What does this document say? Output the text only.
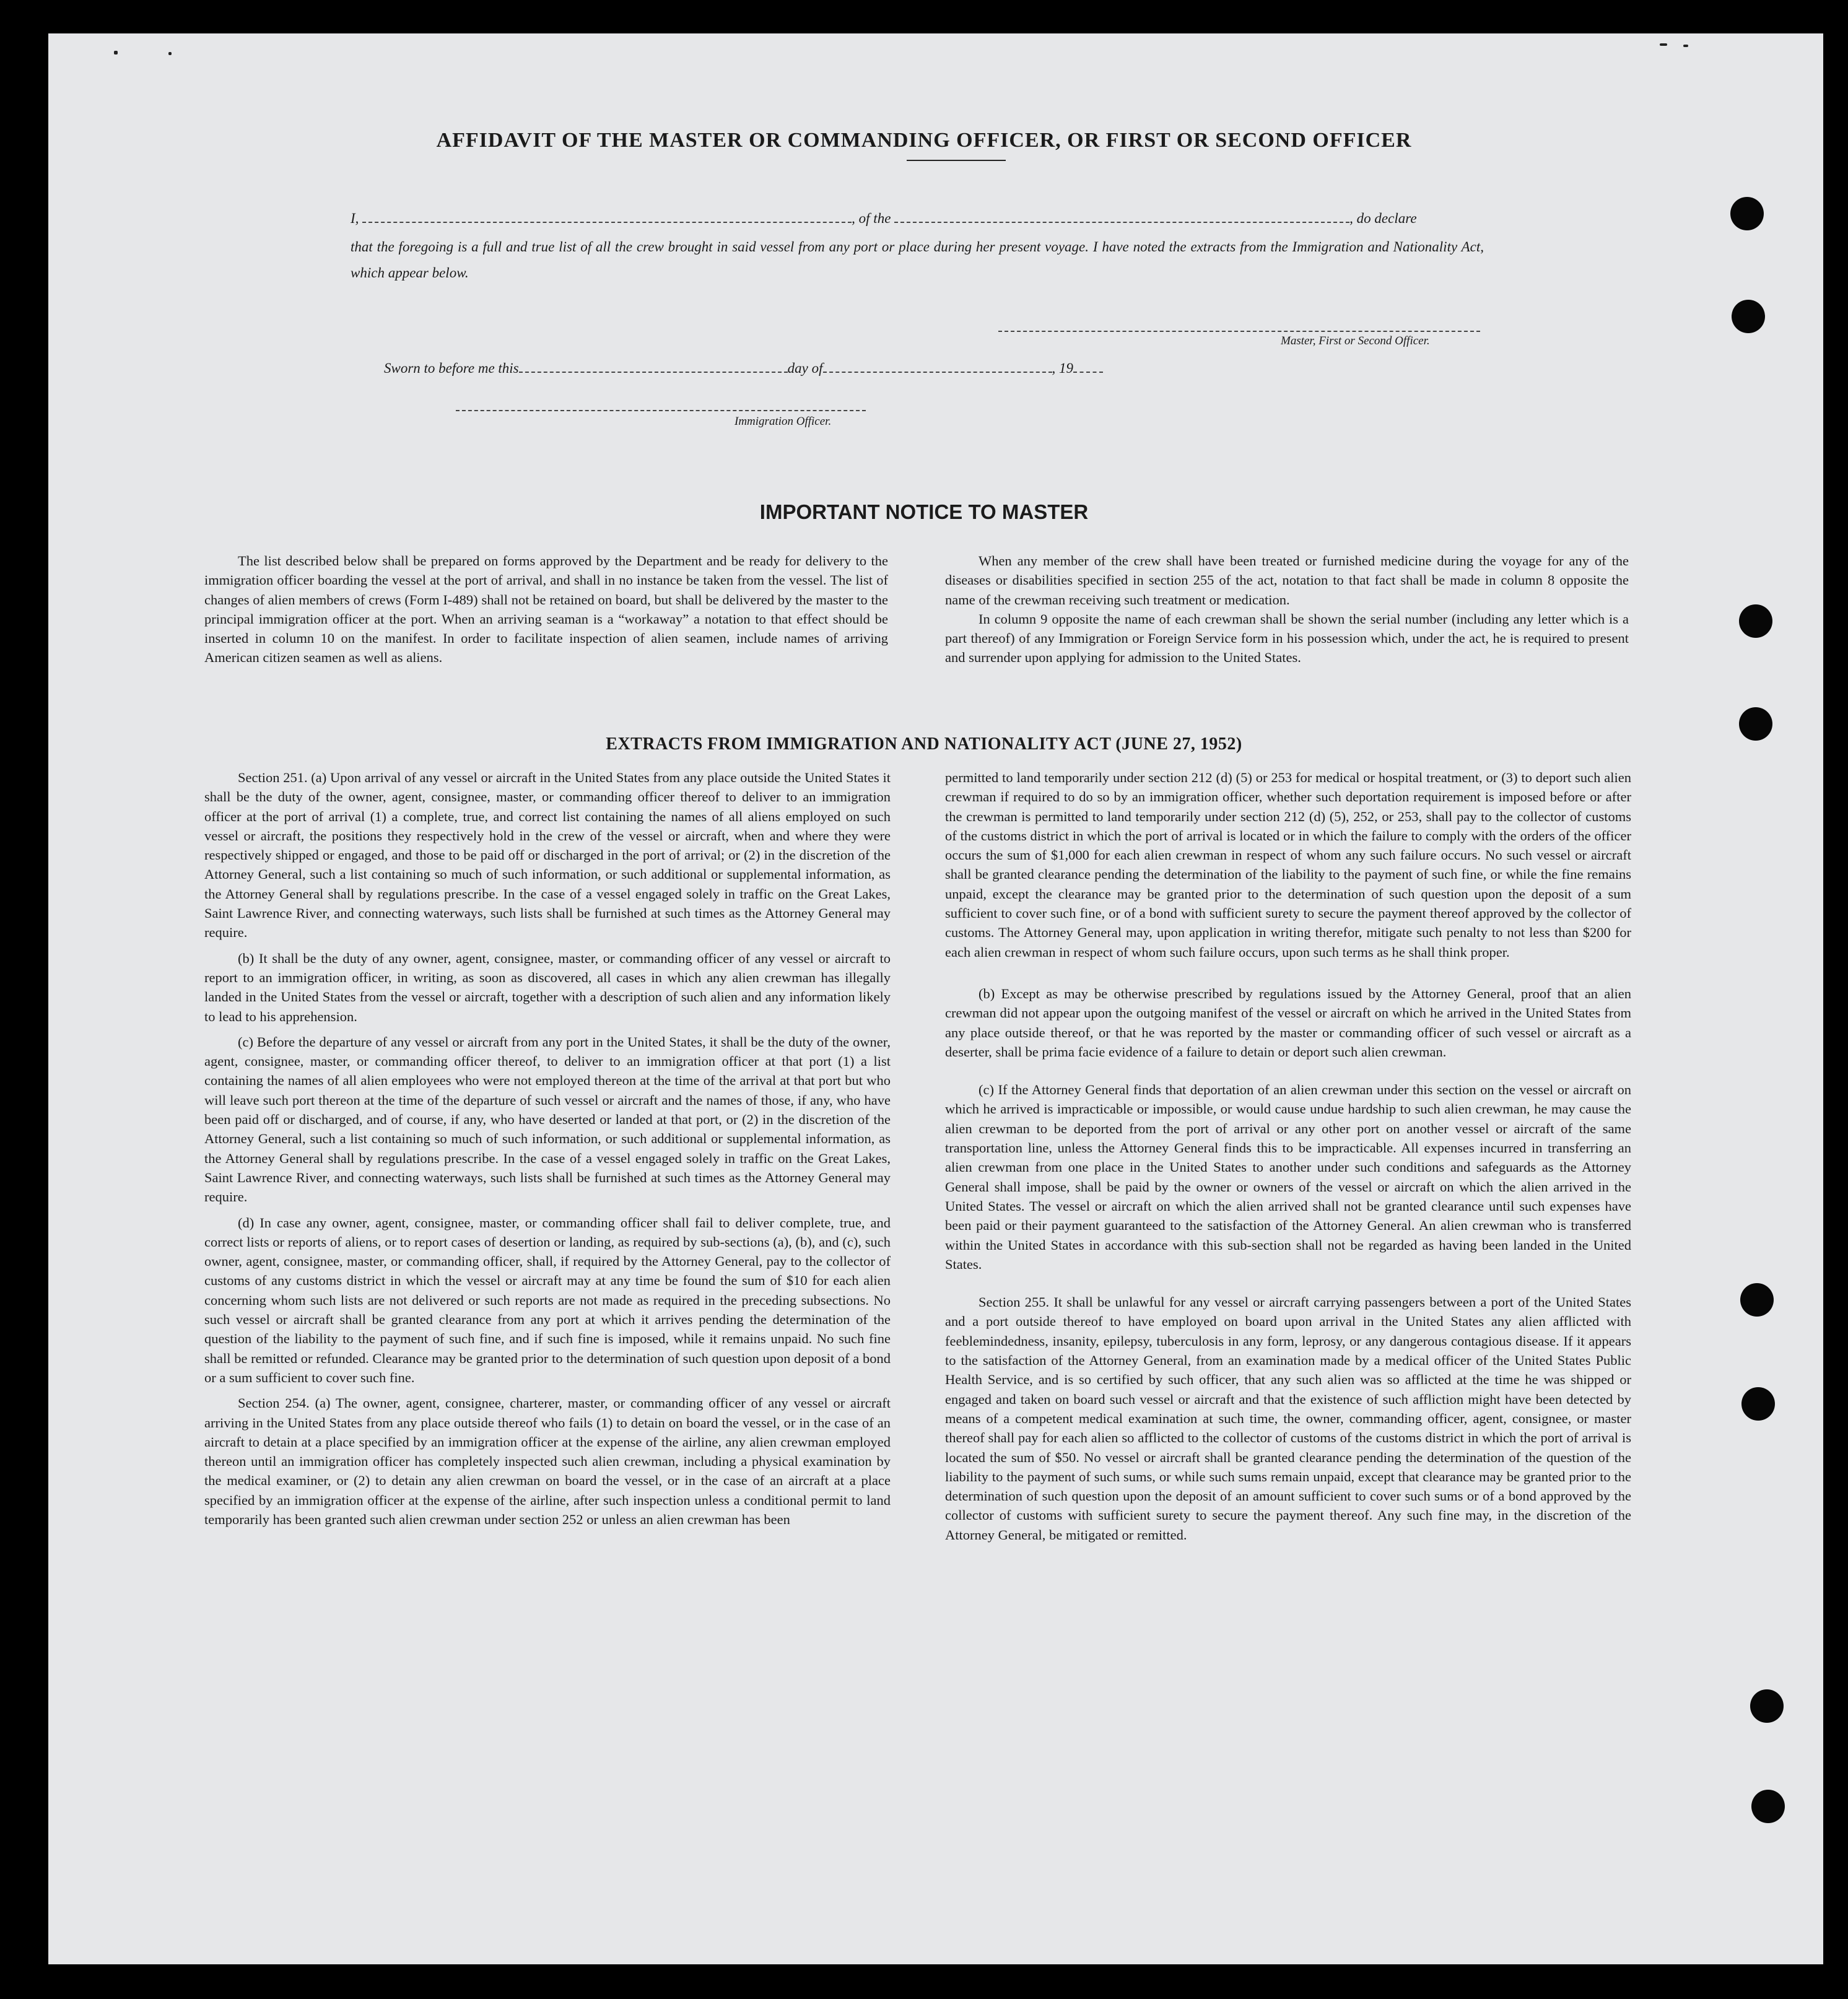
AFFIDAVIT OF THE MASTER OR COMMANDING OFFICER, OR FIRST OR SECOND OFFICER
I,	, of the	, do declare
that the foregoing is a full and true list of all the crew brought in said vessel from any port or place during her present voyage. I have noted the extracts from the Immigration and Nationality Act, which appear below.
Master, First or Second Officer.
Sworn to before me this	day of	, 19
Immigration Officer.
IMPORTANT NOTICE TO MASTER

The list described below shall be prepared on forms approved by the Department and be ready for delivery to the immigration officer boarding the vessel at the port of arrival, and shall in no instance be taken from the vessel. The list of changes of alien members of crews (Form I-489) shall not be retained on board, but shall be delivered by the master to the principal immigration officer at the port. When an arriving seaman is a “workaway” a notation to that effect should be inserted in column 10 on the manifest. In order to facilitate inspection of alien seamen, include names of arriving American citizen seamen as well as aliens.

When any member of the crew shall have been treated or furnished medicine during the voyage for any of the diseases or disabilities specified in section 255 of the act, notation to that fact shall be made in column 8 opposite the name of the crewman receiving such treatment or medication.

In column 9 opposite the name of each crewman shall be shown the serial number (including any letter which is a part thereof) of any Immigration or Foreign Service form in his possession which, under the act, he is required to present and surrender upon applying for admission to the United States.

EXTRACTS FROM IMMIGRATION AND NATIONALITY ACT (JUNE 27, 1952)

Section 251. (a) Upon arrival of any vessel or aircraft in the United States from any place outside the United States it shall be the duty of the owner, agent, consignee, master, or commanding officer thereof to deliver to an immigration officer at the port of arrival (1) a complete, true, and correct list containing the names of all aliens employed on such vessel or aircraft, the positions they respectively hold in the crew of the vessel or aircraft, when and where they were respectively shipped or engaged, and those to be paid off or discharged in the port of arrival; or (2) in the discretion of the Attorney General, such a list containing so much of such information, or such additional or supplemental information, as the Attorney General shall by regulations prescribe. In the case of a vessel engaged solely in traffic on the Great Lakes, Saint Lawrence River, and connecting waterways, such lists shall be furnished at such times as the Attorney General may require.

(b) It shall be the duty of any owner, agent, consignee, master, or commanding officer of any vessel or aircraft to report to an immigration officer, in writing, as soon as discovered, all cases in which any alien crewman has illegally landed in the United States from the vessel or aircraft, together with a description of such alien and any information likely to lead to his apprehension.

(c) Before the departure of any vessel or aircraft from any port in the United States, it shall be the duty of the owner, agent, consignee, master, or commanding officer thereof, to deliver to an immigration officer at that port (1) a list containing the names of all alien employees who were not employed thereon at the time of the arrival at that port but who will leave such port thereon at the time of the departure of such vessel or aircraft and the names of those, if any, who have been paid off or discharged, and of course, if any, who have deserted or landed at that port, or (2) in the discretion of the Attorney General, such a list containing so much of such information, or such additional or supplemental information, as the Attorney General shall by regulations prescribe. In the case of a vessel engaged solely in traffic on the Great Lakes, Saint Lawrence River, and connecting waterways, such lists shall be furnished at such times as the Attorney General may require.

(d) In case any owner, agent, consignee, master, or commanding officer shall fail to deliver complete, true, and correct lists or reports of aliens, or to report cases of desertion or landing, as required by sub-sections (a), (b), and (c), such owner, agent, consignee, master, or commanding officer, shall, if required by the Attorney General, pay to the collector of customs of any customs district in which the vessel or aircraft may at any time be found the sum of $10 for each alien concerning whom such lists are not delivered or such reports are not made as required in the preceding subsections. No such vessel or aircraft shall be granted clearance from any port at which it arrives pending the determination of the question of the liability to the payment of such fine, and if such fine is imposed, while it remains unpaid. No such fine shall be remitted or refunded. Clearance may be granted prior to the determination of such question upon deposit of a bond or a sum sufficient to cover such fine.

Section 254. (a) The owner, agent, consignee, charterer, master, or commanding officer of any vessel or aircraft arriving in the United States from any place outside thereof who fails (1) to detain on board the vessel, or in the case of an aircraft to detain at a place specified by an immigration officer at the expense of the airline, any alien crewman employed thereon until an immigration officer has completely inspected such alien crewman, including a physical examination by the medical examiner, or (2) to detain any alien crewman on board the vessel, or in the case of an aircraft at a place specified by an immigration officer at the expense of the airline, after such inspection unless a conditional permit to land temporarily has been granted such alien crewman under section 252 or unless an alien crewman has been

permitted to land temporarily under section 212 (d) (5) or 253 for medical or hospital treatment, or (3) to deport such alien crewman if required to do so by an immigration officer, whether such deportation requirement is imposed before or after the crewman is permitted to land temporarily under section 212 (d) (5), 252, or 253, shall pay to the collector of customs of the customs district in which the port of arrival is located or in which the failure to comply with the orders of the officer occurs the sum of $1,000 for each alien crewman in respect of whom any such failure occurs. No such vessel or aircraft shall be granted clearance pending the determination of the liability to the payment of such fine, or while the fine remains unpaid, except the clearance may be granted prior to the determination of such question upon the deposit of a sum sufficient to cover such fine, or of a bond with sufficient surety to secure the payment thereof approved by the collector of customs. The Attorney General may, upon application in writing therefor, mitigate such penalty to not less than $200 for each alien crewman in respect of whom such failure occurs, upon such terms as he shall think proper.

(b) Except as may be otherwise prescribed by regulations issued by the Attorney General, proof that an alien crewman did not appear upon the outgoing manifest of the vessel or aircraft on which he arrived in the United States from any place outside thereof, or that he was reported by the master or commanding officer of such vessel or aircraft as a deserter, shall be prima facie evidence of a failure to detain or deport such alien crewman.

(c) If the Attorney General finds that deportation of an alien crewman under this section on the vessel or aircraft on which he arrived is impracticable or impossible, or would cause undue hardship to such alien crewman, he may cause the alien crewman to be deported from the port of arrival or any other port on another vessel or aircraft of the same transportation line, unless the Attorney General finds this to be impracticable. All expenses incurred in transferring an alien crewman from one place in the United States to another under such conditions and safeguards as the Attorney General shall impose, shall be paid by the owner or owners of the vessel or aircraft on which the alien arrived in the United States. The vessel or aircraft on which the alien arrived shall not be granted clearance until such expenses have been paid or their payment guaranteed to the satisfaction of the Attorney General. An alien crewman who is transferred within the United States in accordance with this sub-section shall not be regarded as having been landed in the United States.

Section 255. It shall be unlawful for any vessel or aircraft carrying passengers between a port of the United States and a port outside thereof to have employed on board upon arrival in the United States any alien afflicted with feeblemindedness, insanity, epilepsy, tuberculosis in any form, leprosy, or any dangerous contagious disease. If it appears to the satisfaction of the Attorney General, from an examination made by a medical officer of the United States Public Health Service, and is so certified by such officer, that any such alien was so afflicted at the time he was shipped or engaged and taken on board such vessel or aircraft and that the existence of such affliction might have been detected by means of a competent medical examination at such time, the owner, commanding officer, agent, consignee, or master thereof shall pay for each alien so afflicted to the collector of customs of the customs district in which the port of arrival is located the sum of $50. No vessel or aircraft shall be granted clearance pending the determination of the question of the liability to the payment of such sums, or while such sums remain unpaid, except that clearance may be granted prior to the determination of such question upon the deposit of an amount sufficient to cover such sums or of a bond approved by the collector of customs with sufficient surety to secure the payment thereof. Any such fine may, in the discretion of the Attorney General, be mitigated or remitted.
